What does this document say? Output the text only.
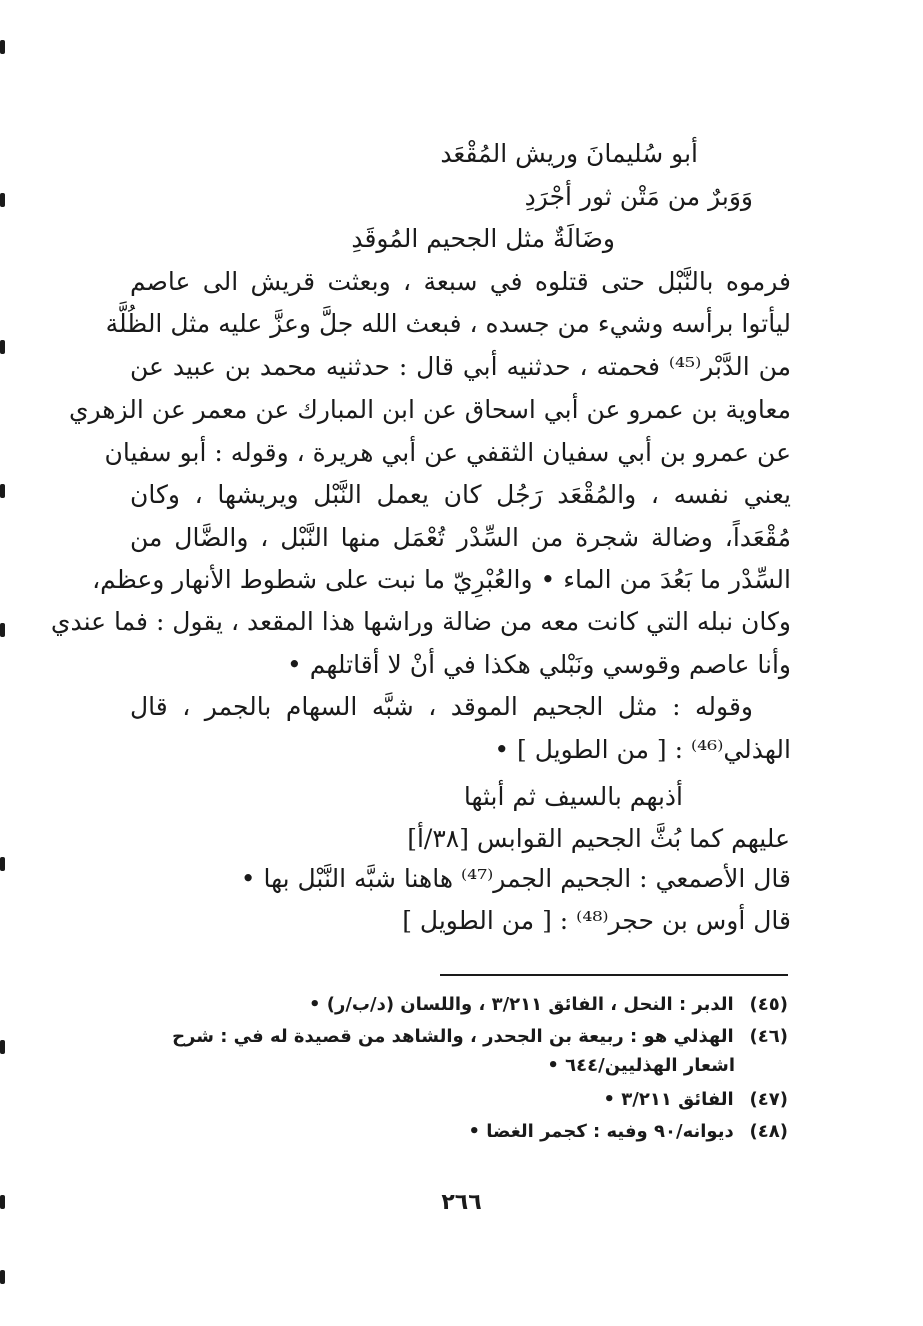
أبو سُليمانَ وريش المُقْعَد
وَوَبرٌ من مَتْن ثور أجْرَدِ
وضَالَةٌ مثل الجحيم المُوقَدِ
فرموه بالنَّبْل حتى قتلوه في سبعة ، وبعثت قريش الى عاصم
ليأتوا برأسه وشيء من جسده ، فبعث الله جلَّ وعزَّ عليه مثل الظُلَّة
من الدَّبْر⁽⁴⁵⁾ فحمته ، حدثنيه أبي قال : حدثنيه محمد بن عبيد عن
معاوية بن عمرو عن أبي اسحاق عن ابن المبارك عن معمر عن الزهري
عن عمرو بن أبي سفيان الثقفي عن أبي هريرة ، وقوله : أبو سفيان
يعني نفسه ، والمُقْعَد رَجُل كان يعمل النَّبْل ويريشها ، وكان
مُقْعَداً، وضالة شجرة من السِّدْر تُعْمَل منها النَّبْل ، والضَّال من
السِّدْر ما بَعُدَ من الماء • والعُبْرِيّ ما نبت على شطوط الأنهار وعظم،
وكان نبله التي كانت معه من ضالة وراشها هذا المقعد ، يقول : فما عندي
وأنا عاصم وقوسي ونَبْلي هكذا في أنْ لا أقاتلهم •
وقوله : مثل الجحيم الموقد ، شبَّه السهام بالجمر ، قال
الهذلي⁽⁴⁶⁾ : [ من الطويل ] •
أذبهم بالسيف ثم أبثها
عليهم كما بُثَّ الجحيم القوابس [٣٨/أ]
قال الأصمعي : الجحيم الجمر⁽⁴⁷⁾ هاهنا شبَّه النَّبْل بها •
قال أوس بن حجر⁽⁴⁸⁾ : [ من الطويل ]
(٤٥) الدبر : النحل ، الفائق ٣/٢١١ ، واللسان (د/ب/ر) •
(٤٦) الهذلي هو : ربيعة بن الجحدر ، والشاهد من قصيدة له في : شرح
اشعار الهذليين/٦٤٤ •
(٤٧) الفائق ٣/٢١١ •
(٤٨) ديوانه/٩٠ وفيه : كجمر الغضا •
٢٦٦
